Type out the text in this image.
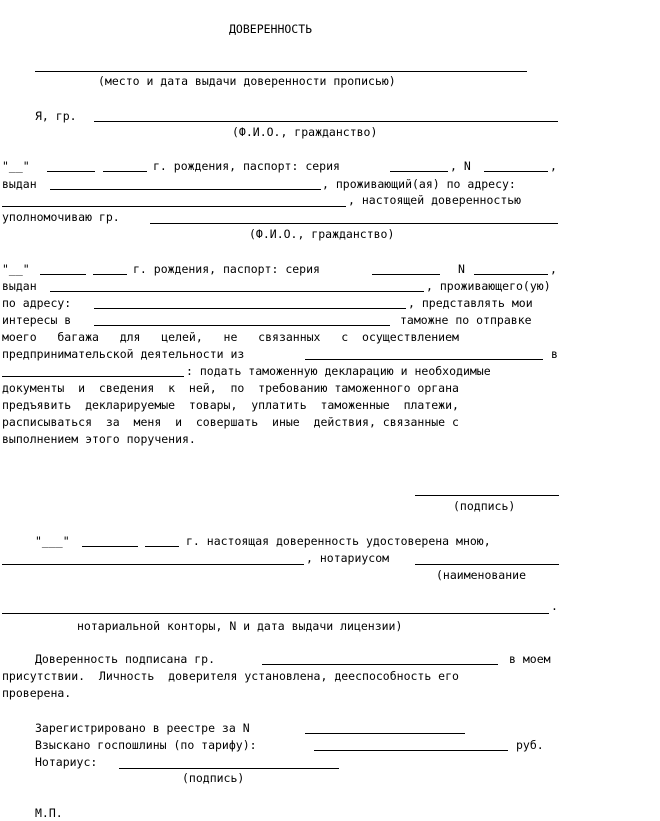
ДОВЕРЕННОСТЬ
(место и дата выдачи доверенности прописью)
Я, гр.
(Ф.И.О., гражданство)
"__"	г. рождения, паспорт: серия	, N	,
выдан	, проживающий(ая) по адресу:
, настоящей доверенностью
уполномочиваю гр.
(Ф.И.О., гражданство)
"__"	г. рождения, паспорт: серия	N	,
выдан	, проживающего(ую)
по адресу:	, представлять мои
интересы в	таможне по отправке
моего   багажа   для   целей,   не   связанных   с  осуществлением
предпринимательской деятельности из	в
: подать таможенную декларацию и необходимые
документы  и  сведения  к  ней,  по  требованию таможенного органа
предъявить  декларируемые  товары,  уплатить  таможенные  платежи,
расписываться  за  меня  и  совершать  иные  действия, связанные с
выполнением этого поручения.
(подпись)
"___"	г. настоящая доверенность удостоверена мною,
, нотариусом
(наименование
.
нотариальной конторы, N и дата выдачи лицензии)
Доверенность подписана гр.	в моем
присутствии.  Личность  доверителя установлена, дееспособность его
проверена.
Зарегистрировано в реестре за N
Взыскано госпошлины (по тарифу):	руб.
Нотариус:
(подпись)
М.П.
